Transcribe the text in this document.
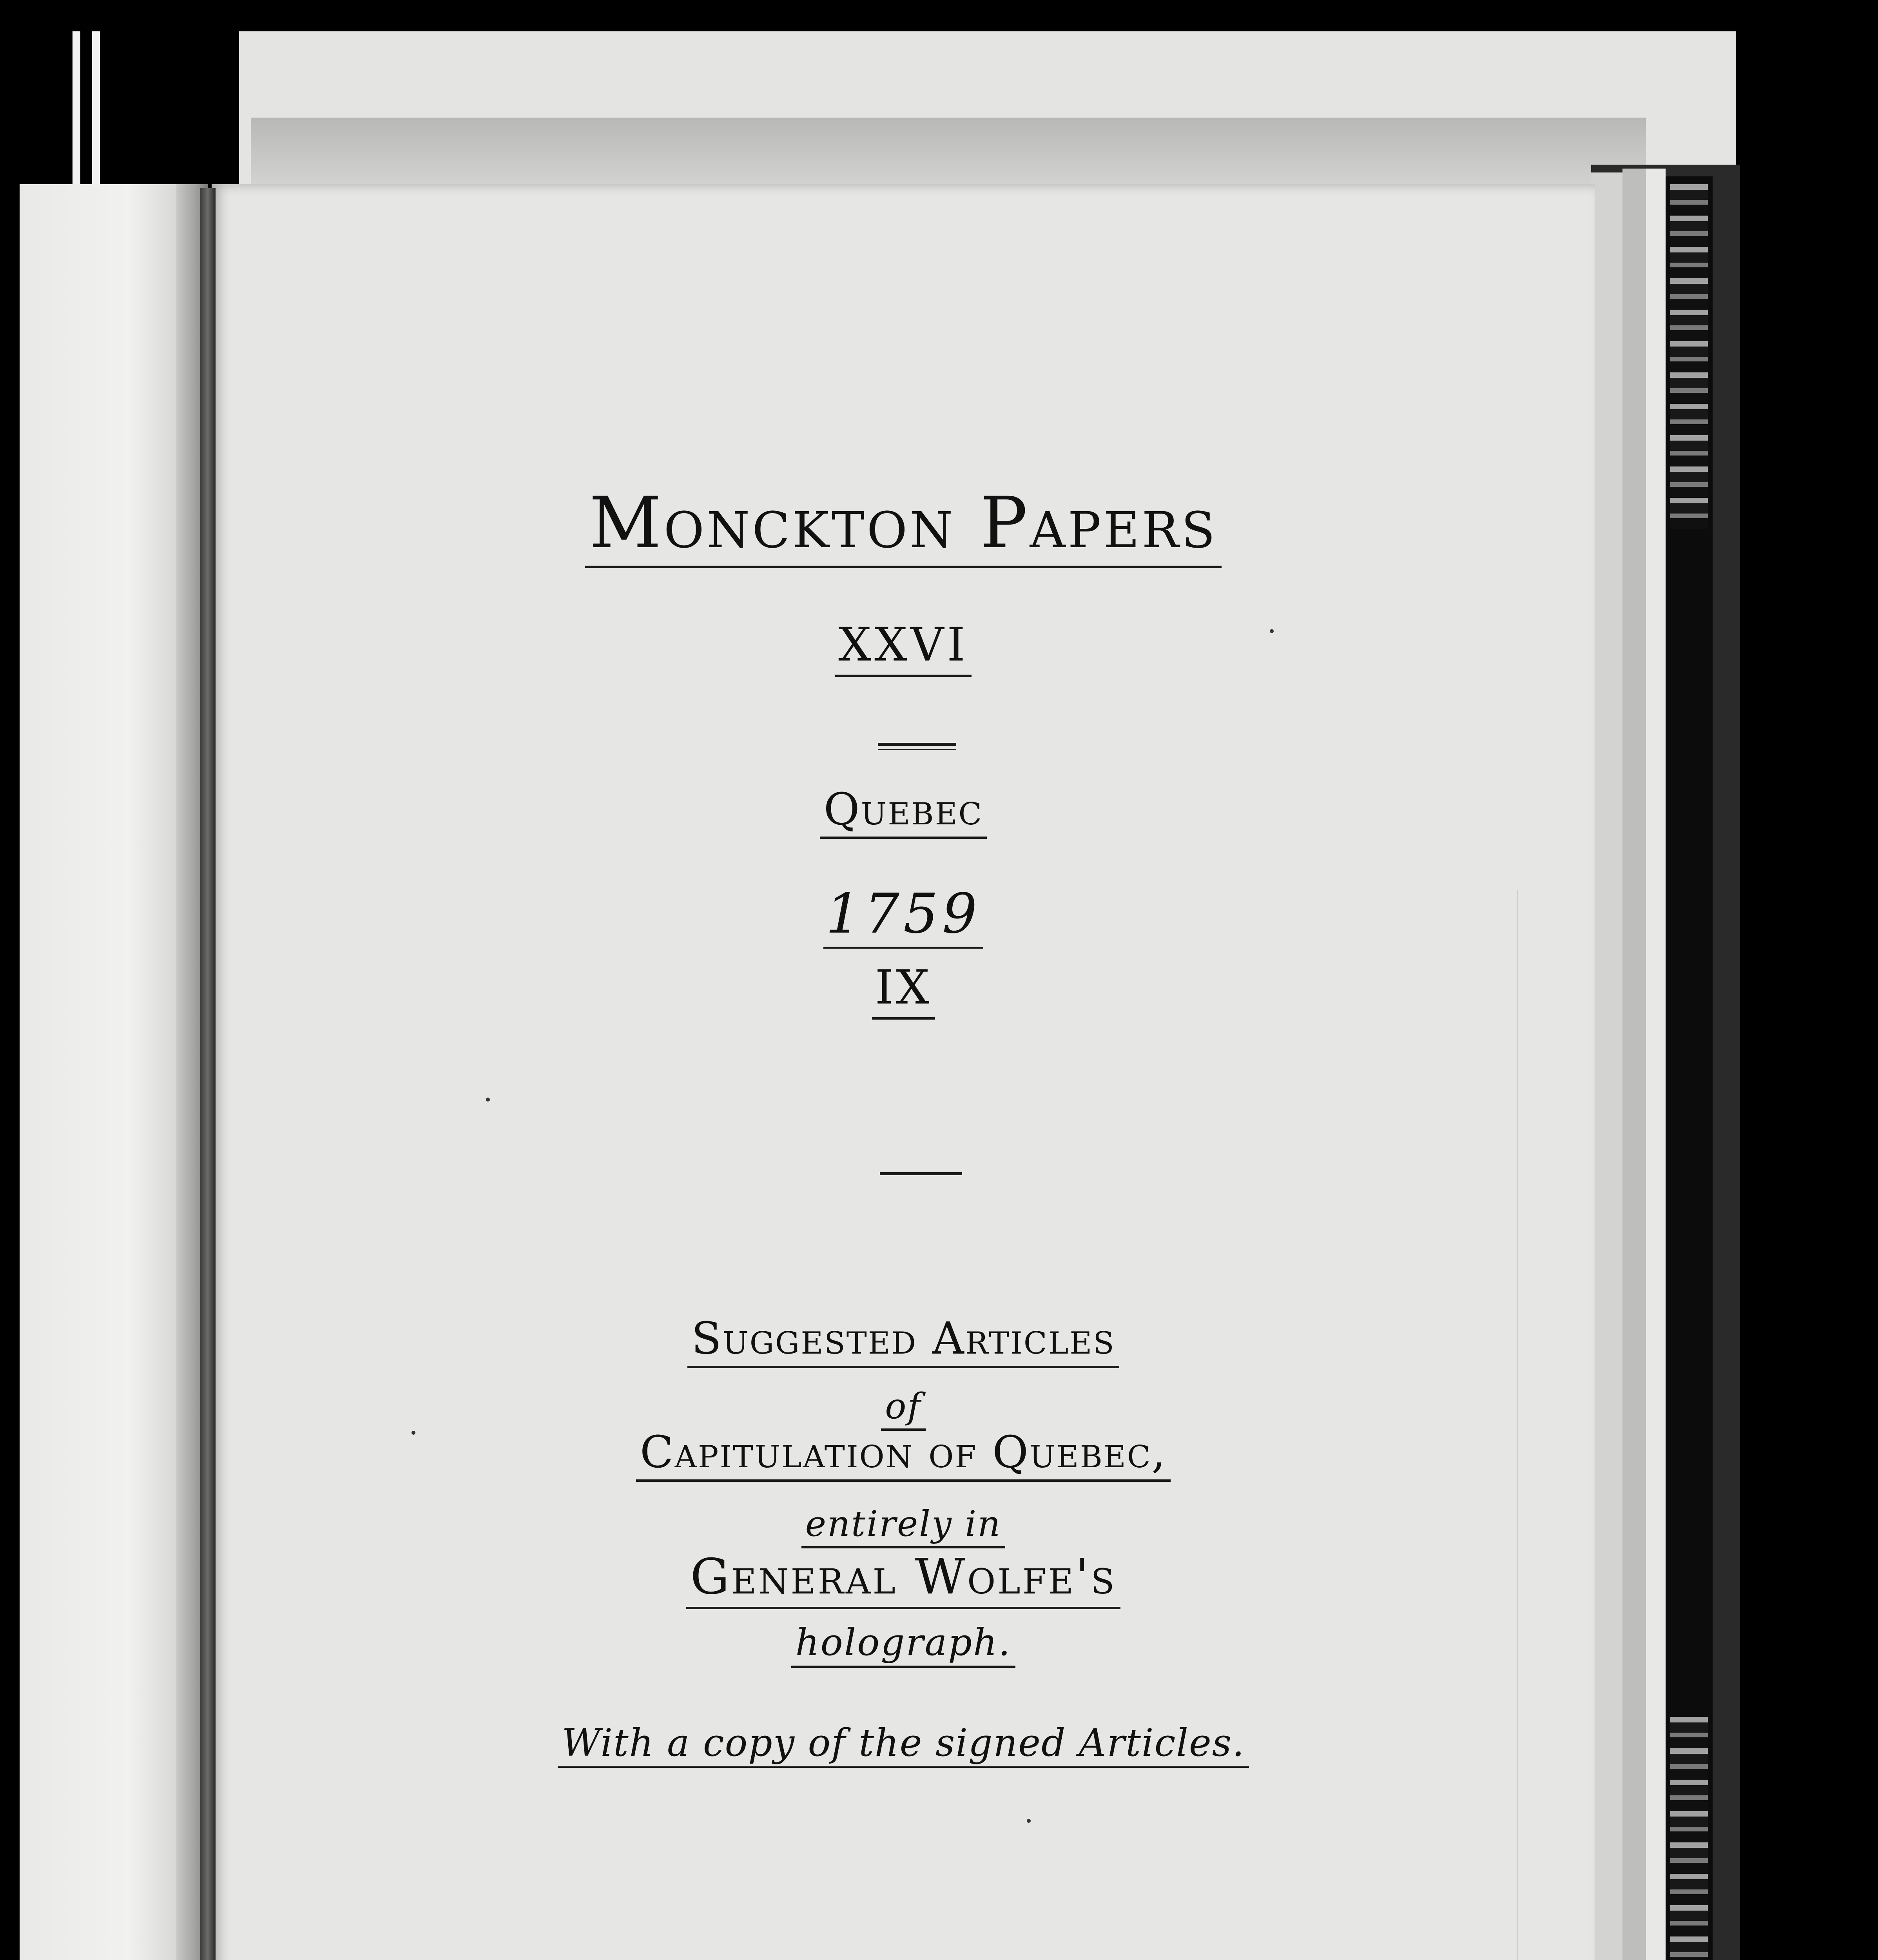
Monckton Papers
XXVI
Quebec
1759
IX
Suggested Articles
of
Capitulation of Quebec,
entirely in
General Wolfe's
holograph.
With a copy of the signed Articles.
